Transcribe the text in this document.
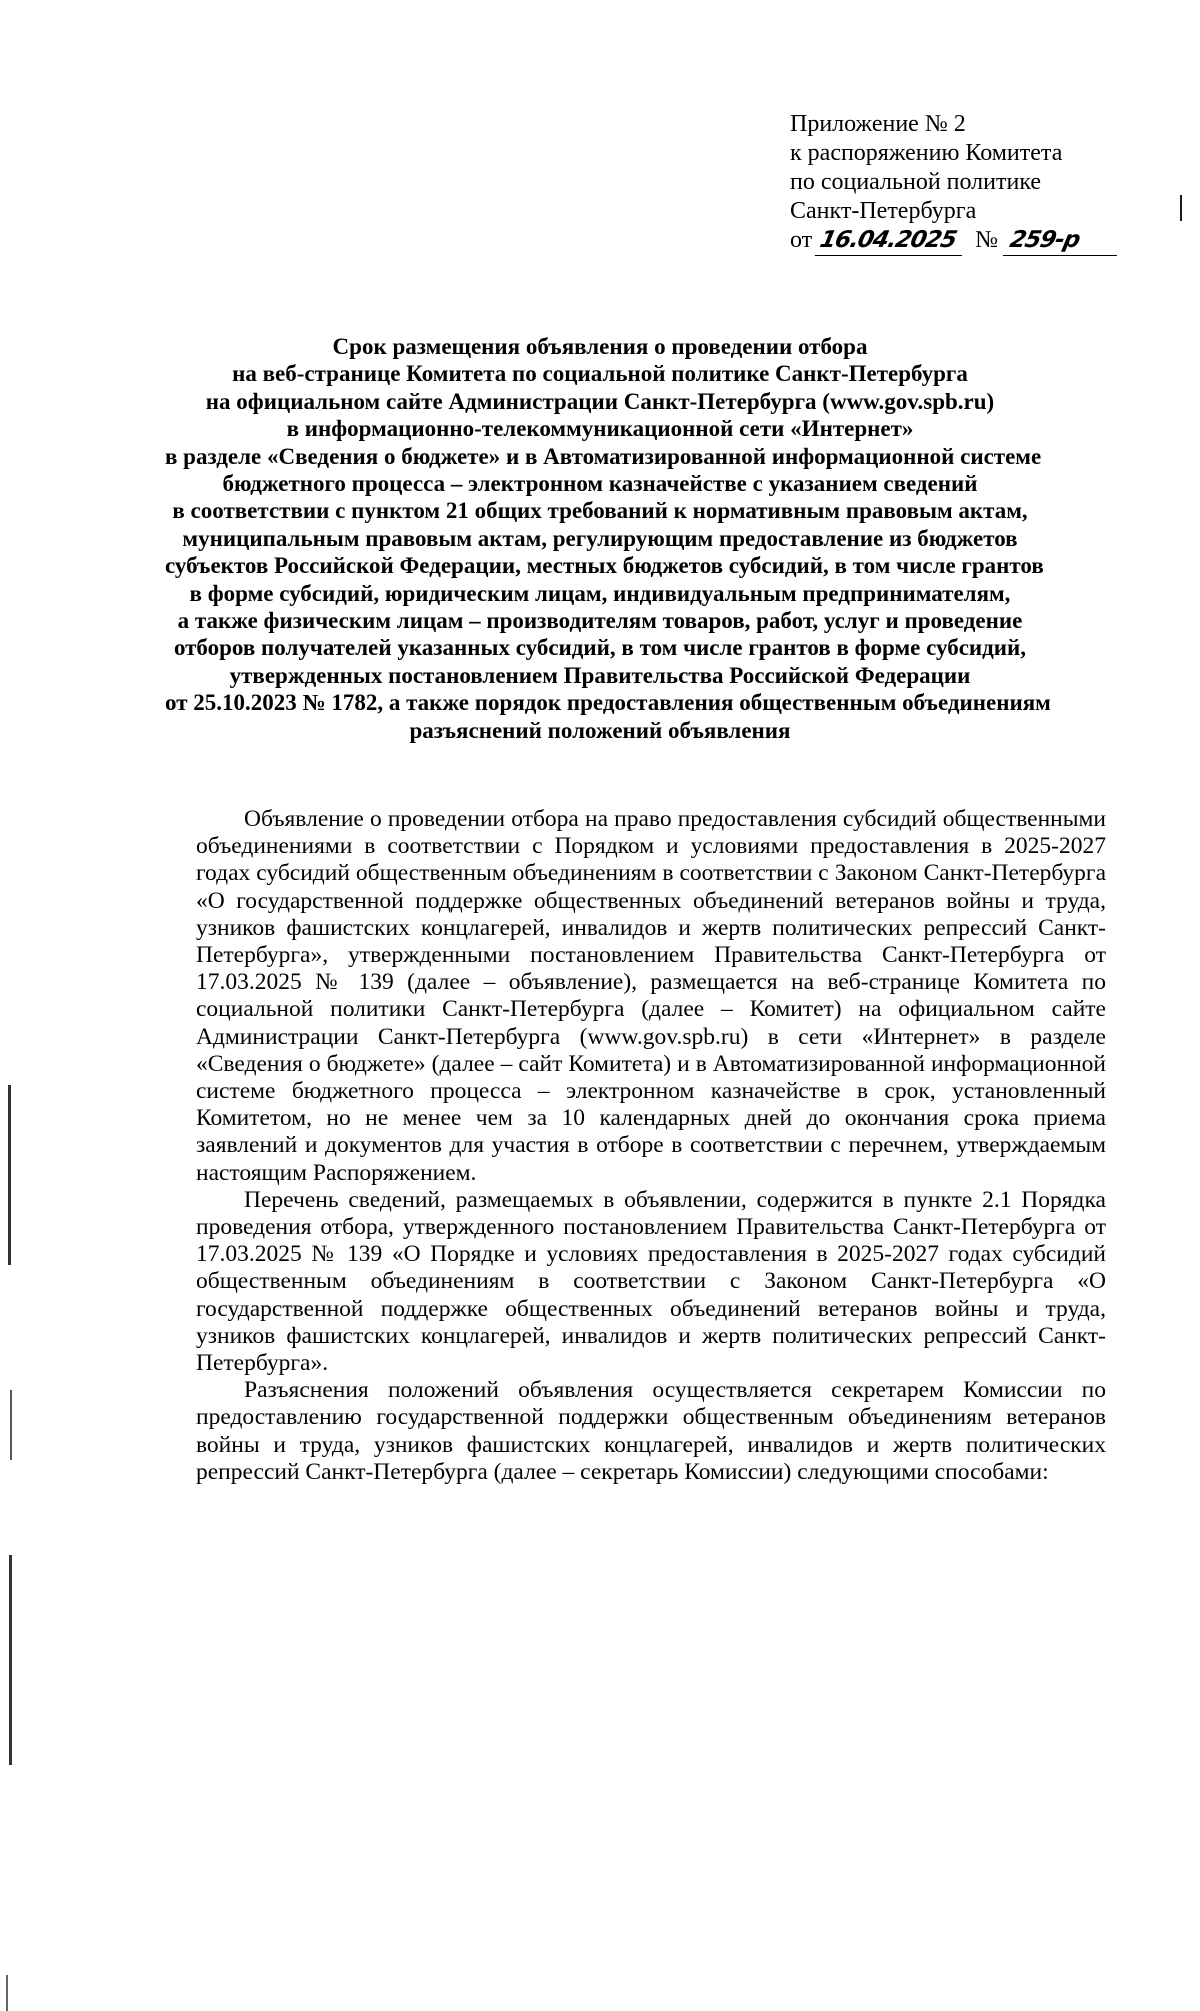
Приложение № 2
к распоряжению Комитета
по социальной политике
Санкт-Петербурга
от 16.04.2025 № 259-р
Срок размещения объявления о проведении отбора
на веб-странице Комитета по социальной политике Санкт-Петербурга
на официальном сайте Администрации Санкт-Петербурга (www.gov.spb.ru)
в информационно-телекоммуникационной сети «Интернет»
в разделе «Сведения о бюджете» и в Автоматизированной информационной системе
бюджетного процесса – электронном казначействе с указанием сведений
в соответствии с пунктом 21 общих требований к нормативным правовым актам,
муниципальным правовым актам, регулирующим предоставление из бюджетов
субъектов Российской Федерации, местных бюджетов субсидий, в том числе грантов
в форме субсидий, юридическим лицам, индивидуальным предпринимателям,
а также физическим лицам – производителям товаров, работ, услуг и проведение
отборов получателей указанных субсидий, в том числе грантов в форме субсидий,
утвержденных постановлением Правительства Российской Федерации
от 25.10.2023 № 1782, а также порядок предоставления общественным объединениям
разъяснений положений объявления

Объявление о проведении отбора на право предоставления субсидий общественными объединениями в соответствии с Порядком и условиями предоставления в 2025-2027 годах субсидий общественным объединениям в соответствии с Законом Санкт-Петербурга «О государственной поддержке общественных объединений ветеранов войны и труда, узников фашистских концлагерей, инвалидов и жертв политических репрессий Санкт-Петербурга», утвержденными постановлением Правительства Санкт-Петербурга от 17.03.2025 № 139 (далее – объявление), размещается на веб-странице Комитета по социальной политики Санкт-Петербурга (далее – Комитет) на официальном сайте Администрации Санкт-Петербурга (www.gov.spb.ru) в сети «Интернет» в разделе «Сведения о бюджете» (далее – сайт Комитета) и в Автоматизированной информационной системе бюджетного процесса – электронном казначействе в срок, установленный Комитетом, но не менее чем за 10 календарных дней до окончания срока приема заявлений и документов для участия в отборе в соответствии с перечнем, утверждаемым настоящим Распоряжением.

Перечень сведений, размещаемых в объявлении, содержится в пункте 2.1 Порядка проведения отбора, утвержденного постановлением Правительства Санкт-Петербурга от 17.03.2025 № 139 «О Порядке и условиях предоставления в 2025-2027 годах субсидий общественным объединениям в соответствии с Законом Санкт-Петербурга «О государственной поддержке общественных объединений ветеранов войны и труда, узников фашистских концлагерей, инвалидов и жертв политических репрессий Санкт-Петербурга».

Разъяснения положений объявления осуществляется секретарем Комиссии по предоставлению государственной поддержки общественным объединениям ветеранов войны и труда, узников фашистских концлагерей, инвалидов и жертв политических репрессий Санкт-Петербурга (далее – секретарь Комиссии) следующими способами:
